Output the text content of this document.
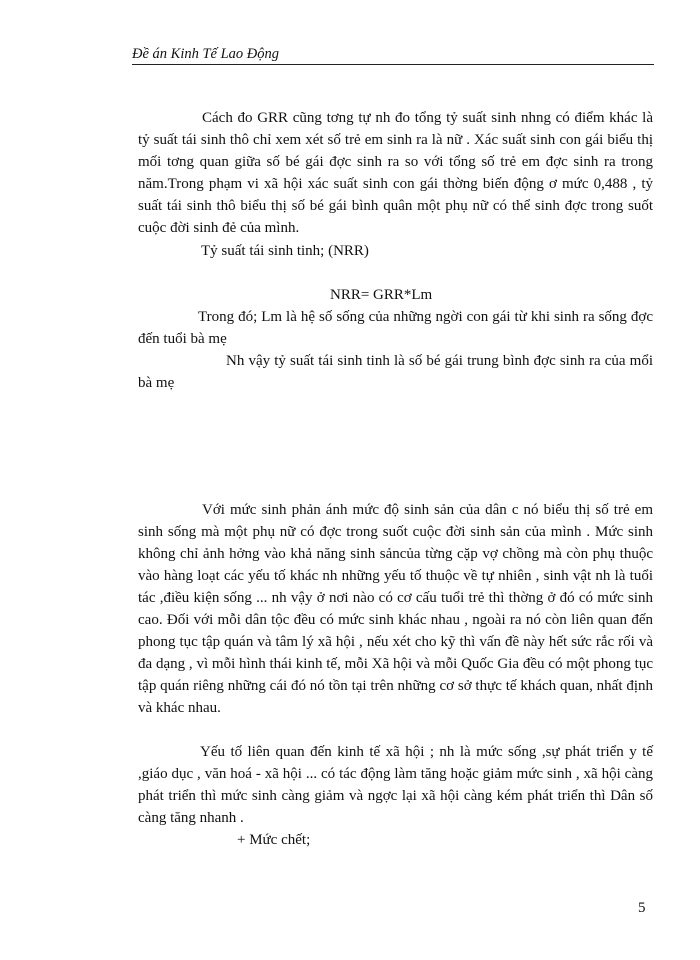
Đề án Kinh Tế Lao Động

Cách đo GRR cũng tơng tự nh đo tổng tỷ suất sinh nhng có điểm khác là tỷ suất tái sinh thô chỉ xem xét số trẻ em sinh ra là nữ . Xác suất sinh con gái biểu thị mối tơng quan giữa số bé gái đợc sinh ra so với tổng số trẻ em đợc sinh ra trong năm.Trong phạm vi xã hội xác suất sinh con gái thờng biến động ơ mức 0,488 , tỷ suất tái sinh thô biểu thị số bé gái bình quân một phụ nữ có thể sinh đợc trong suốt cuộc đời sinh đẻ của mình.

Tỷ suất tái sinh tinh; (NRR)
NRR= GRR*Lm

Trong đó; Lm là hệ số sống của những ngời con gái từ khi sinh ra sống đợc đến tuổi bà mẹ

Nh vậy tỷ suất tái sinh tinh là số bé gái trung bình đợc sinh ra của mổi bà mẹ

Với mức sinh phản ánh mức độ sinh sản của dân c nó biểu thị số trẻ em sinh sống mà một phụ nữ có đợc trong suốt cuộc đời sinh sản của mình . Mức sinh không chỉ ảnh hởng vào khả năng sinh sảncủa từng cặp vợ chồng mà còn phụ thuộc vào hàng loạt các yếu tố khác nh những yếu tố thuộc về tự nhiên , sinh vật nh là tuổi tác ,điều kiện sống ... nh vậy ở nơi nào có cơ cấu tuổi trẻ thì thờng ở đó có mức sinh cao. Đối với mỗi dân tộc đều có mức sinh khác nhau , ngoài ra nó còn liên quan đến phong tục tập quán và tâm lý xã hội , nếu xét cho kỹ thì vấn đề này hết sức rắc rối và đa dạng , vì mỗi hình thái kinh tế, mỗi Xã hội và mỗi Quốc Gia đều có một phong tục tập quán riêng những cái đó nó tồn tại trên những cơ sở thực tế khách quan, nhất định và khác nhau.

Yếu tố liên quan đến kinh tế xã hội ; nh là mức sống ,sự phát triển y tế ,giáo dục , văn hoá - xã hội ... có tác động làm tăng hoặc giảm mức sinh , xã hội càng phát triển thì mức sinh càng giảm và ngợc lại xã hội càng kém phát triển thì Dân số càng tăng nhanh .

+ Mức chết;
5
